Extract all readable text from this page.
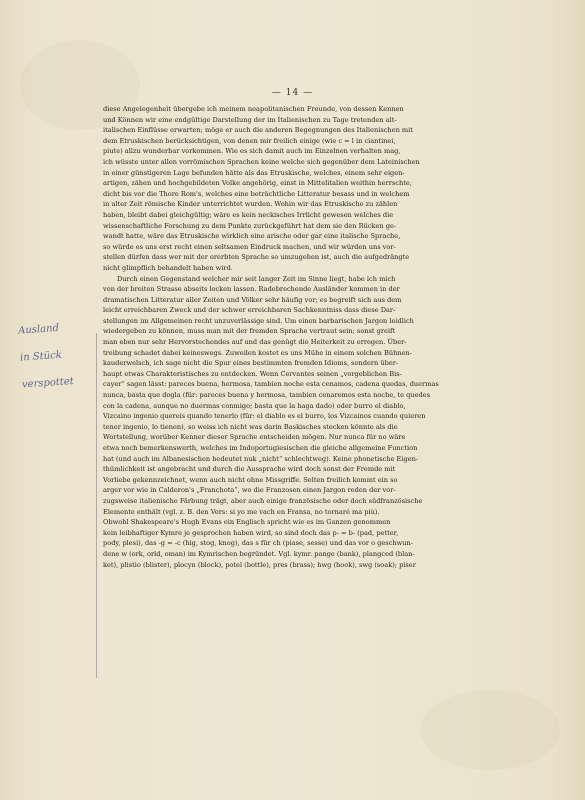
— 14 —
Ausland
in Stück
verspottet

diese Angelegenheit übergebe ich meinem neapolitanischen Freunde, von dessen Kennen
und Können wir eine endgültige Darstellung der im Italienischen zu Tage tretenden alt-
italischen Einflüsse erwarten; möge er auch die anderen Begegnungen des Italienischen mit
dem Etruskischen berücksichtigen, von denen mir freilich einige (wie c = l in ciantinei,
piute) allzu wunderbar vorkommen. Wie es sich damit auch im Einzelnen verhalten mag,
ich wüsste unter allen vorrömischen Sprachen keine welche sich gegenüber dem Lateinischen
in einer günstigeren Lage befunden hätte als das Etruskische, welches, einem sehr eigen-
artigen, zähen und hochgebildeten Volke angehörig, einst in Mittelitalien weithin herrschte,
dicht bis vor die Thore Rom's, welches eine beträchtliche Litteratur besass und in welchem
in alter Zeit römische Kinder unterrichtet wurden. Wohin wir das Etruskische zu zählen
haben, bleibt dabei gleichgültig; wäre es kein neckisches Irrlicht gewesen welches die
wissenschaftliche Forschung zu dem Punkte zurückgeführt hat dem sie den Rücken ge-
wandt hatte, wäre das Etruskische wirklich eine arische oder gar eine italische Sprache,
so würde es uns erst recht einen seltsamen Eindruck machen, und wir würden uns vor-
stellen dürfen dass wer mit der ererbten Sprache so umzugehen ist, auch die aufgedrängte
nicht glimpflich behandelt haben wird.

Durch einen Gegenstand welcher mir seit langer Zeit im Sinne liegt, habe ich mich
von der breiten Strasse abseits locken lassen. Radebrechende Ausländer kommen in der
dramatischen Litteratur aller Zeiten und Völker sehr häufig vor; es begreift sich aus dem
leicht erreichbaren Zweck und der schwer erreichbaren Sachkenntniss dass diese Dar-
stellungen im Allgemeinen recht unzuverlässige sind. Um einen barbarischen Jargon leidlich
wiedergeben zu können, muss man mit der fremden Sprache vertraut sein; sonst greift
man eben nur sehr Hervorstechendes auf und das genügt die Heiterkeit zu erregen. Über-
treibung schadet dabei keineswegs. Zuweilen kostet es uns Mühe in einem solchen Bühnen-
kauderwelsch, ich sage nicht die Spur eines bestimmten fremden Idioms, sondern über-
haupt etwas Charakteristisches zu entdecken. Wenn Cervantes seinen „vorgeblichen Bis-
cayer“ sagen lässt: pareces buena, hermosa, tambien noche esta cenamos, cadena quedas, duermas
nunca, basta que dogla (für: pareces buena y hermosa, tambien cenaremos esta noche, te quedes
con la cadena, aunque no duermas conmigo; basta que la haga dado) oder burro el diablo,
Vizcaino ingenio quereis quando tenerlo (für: el diablo es el burro, los Vizcainos cuando quieren
tener ingenio, lo tienen), so weiss ich nicht was darin Baskisches stecken könnte als die
Wortstellung, worüber Kenner dieser Sprache entscheiden mögen. Nur nunca für no wäre
etwa noch bemerkenswerth, welches im Indoportugiesischen die gleiche allgemeine Function
hat (und auch im Albanesischen bedeutet nuk „nicht“ schlechtweg). Keine phonetische Eigen-
thümlichkeit ist angebracht und durch die Aussprache wird doch sonst der Fremde mit
Vorliebe gekennzeichnet, wenn auch nicht ohne Missgriffe. Selten freilich kommt ein so
arger vor wie in Calderon's „Franchota“, wo die Franzosen einen Jargon reden der vor-
zugsweise italienische Färbung trägt, aber auch einige französische oder doch südfranzösische
Elemente enthält (vgl. z. B. den Vers: si yo me vach en Fransa, no tornaré ma più).
Obwohl Shakespeare's Hugh Evans ein Englisch spricht wie es im Ganzen genommen
kein leibhaftiger Kymre je gesprochen haben wird, so sind doch das p- = b- (pad, petter,
pody, plesi), das -g = -c (hig, stog, knog), das s für ch (piase, sesse) und das vor o geschwun-
dene w (ork, orld, oman) im Kymrischen begründet. Vgl. kymr. pange (bank), plangced (blan-
ket), plistio (blister), plocyn (block), potel (bottle), pres (brass); hwg (hook), swg (soak); piser
